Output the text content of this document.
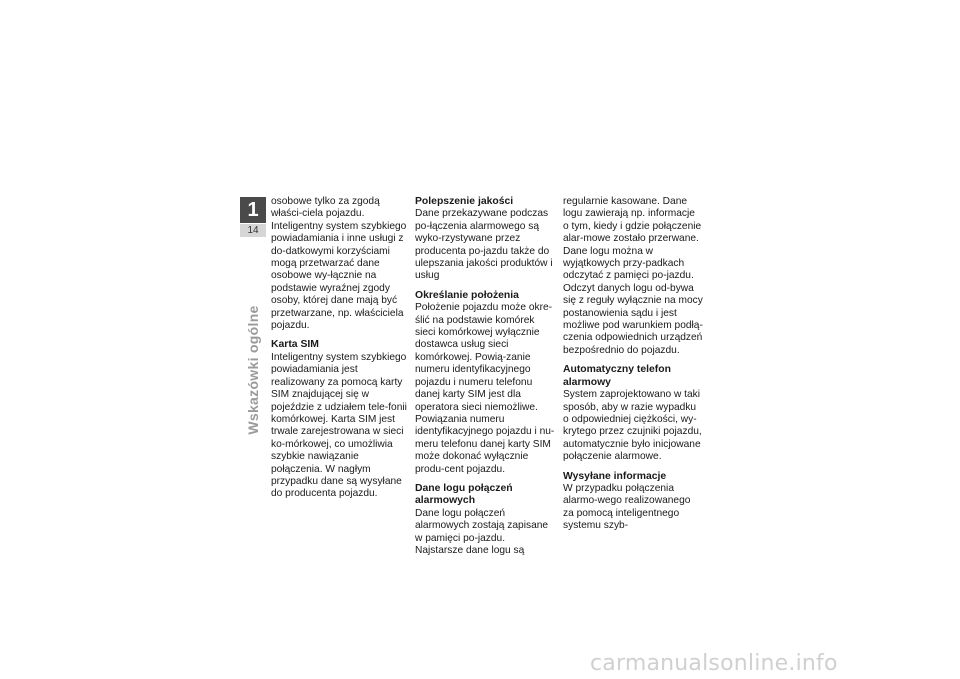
1
14
Wskazówki ogólne

osobowe tylko za zgodą właści-ciela pojazdu.

Inteligentny system szybkiego powiadamiania i inne usługi z do-datkowymi korzyściami mogą przetwarzać dane osobowe wy-łącznie na podstawie wyraźnej zgody osoby, której dane mają być przetwarzane, np. właściciela pojazdu.

Karta SIM

Inteligentny system szybkiego powiadamiania jest realizowany za pomocą karty SIM znajdującej się w pojeździe z udziałem tele-fonii komórkowej. Karta SIM jest trwale zarejestrowana w sieci ko-mórkowej, co umożliwia szybkie nawiązanie połączenia. W nagłym przypadku dane są wysyłane do producenta pojazdu.

Polepszenie jakości

Dane przekazywane podczas po-łączenia alarmowego są wyko-rzystywane przez producenta po-jazdu także do ulepszania jakości produktów i usług

Określanie położenia

Położenie pojazdu może okre-ślić na podstawie komórek sieci komórkowej wyłącznie dostawca usług sieci komórkowej. Powią-zanie numeru identyfikacyjnego pojazdu i numeru telefonu danej karty SIM jest dla operatora sieci niemożliwe. Powiązania numeru identyfikacyjnego pojazdu i nu-meru telefonu danej karty SIM może dokonać wyłącznie produ-cent pojazdu.

Dane logu połączeń alarmowych

Dane logu połączeń alarmowych zostają zapisane w pamięci po-jazdu. Najstarsze dane logu są

regularnie kasowane. Dane logu zawierają np. informacje o tym, kiedy i gdzie połączenie alar-mowe zostało przerwane. Dane logu można w wyjątkowych przy-padkach odczytać z pamięci po-jazdu. Odczyt danych logu od-bywa się z reguły wyłącznie na mocy postanowienia sądu i jest możliwe pod warunkiem podłą-czenia odpowiednich urządzeń bezpośrednio do pojazdu.

Automatyczny telefon alarmowy

System zaprojektowano w taki sposób, aby w razie wypadku o odpowiedniej ciężkości, wy-krytego przez czujniki pojazdu, automatycznie było inicjowane połączenie alarmowe.

Wysyłane informacje

W przypadku połączenia alarmo-wego realizowanego za pomocą inteligentnego systemu szyb-

carmanualsonline.info
